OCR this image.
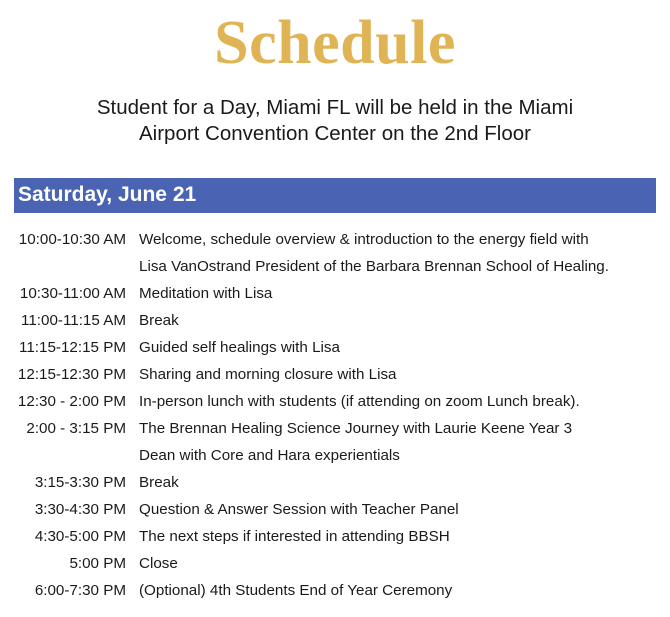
Schedule
Student for a Day, Miami FL will be held in the Miami
Airport Convention Center on the 2nd Floor
Saturday, June 21
10:00-10:30 AM Welcome, schedule overview & introduction to the energy field with
Lisa VanOstrand President of the Barbara Brennan School of Healing.
10:30-11:00 AM Meditation with Lisa
11:00-11:15 AM Break
11:15-12:15 PM Guided self healings with Lisa
12:15-12:30 PM Sharing and morning closure with Lisa
12:30 - 2:00 PM In-person lunch with students (if attending on zoom Lunch break).
2:00 - 3:15 PM The Brennan Healing Science Journey with Laurie Keene Year 3
Dean with Core and Hara experientials
3:15-3:30 PM Break
3:30-4:30 PM Question & Answer Session with Teacher Panel
4:30-5:00 PM The next steps if interested in attending BBSH
5:00 PM Close
6:00-7:30 PM (Optional) 4th Students End of Year Ceremony
